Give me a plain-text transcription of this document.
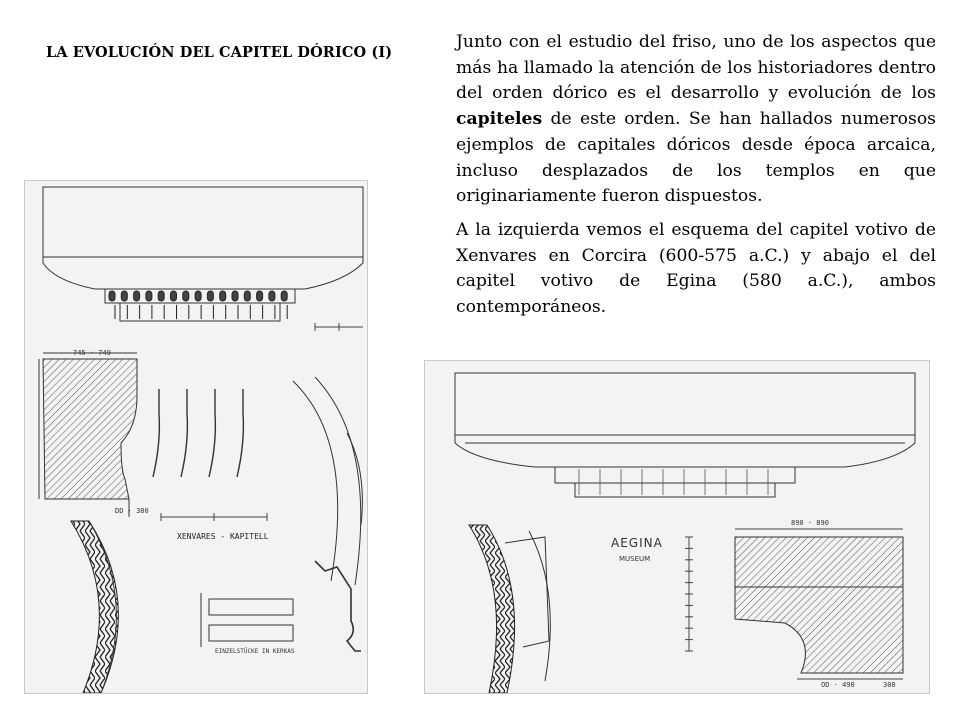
LA EVOLUCIÓN DEL CAPITEL DÓRICO (I)

Junto con el estudio del friso, uno de los aspectos que más ha llamado la atención de los historiadores dentro del orden dórico es el desarrollo y evolución de los capiteles de este orden. Se han hallados numerosos ejemplos de capitales dóricos desde época arcaica, incluso desplazados de los templos en que originariamente fueron dispuestos.

A la izquierda vemos el esquema del capitel votivo de Xenvares en Corcira (600-575 a.C.) y abajo el del capitel votivo de Egina (580 a.C.), ambos contemporáneos.

745 · 749
DD · 380
XENVARES - KAPITELL
EINZELSTÜCKE IN KERKAS
AEGINA
MUSEUM
890 · 890
OD · 490	300
